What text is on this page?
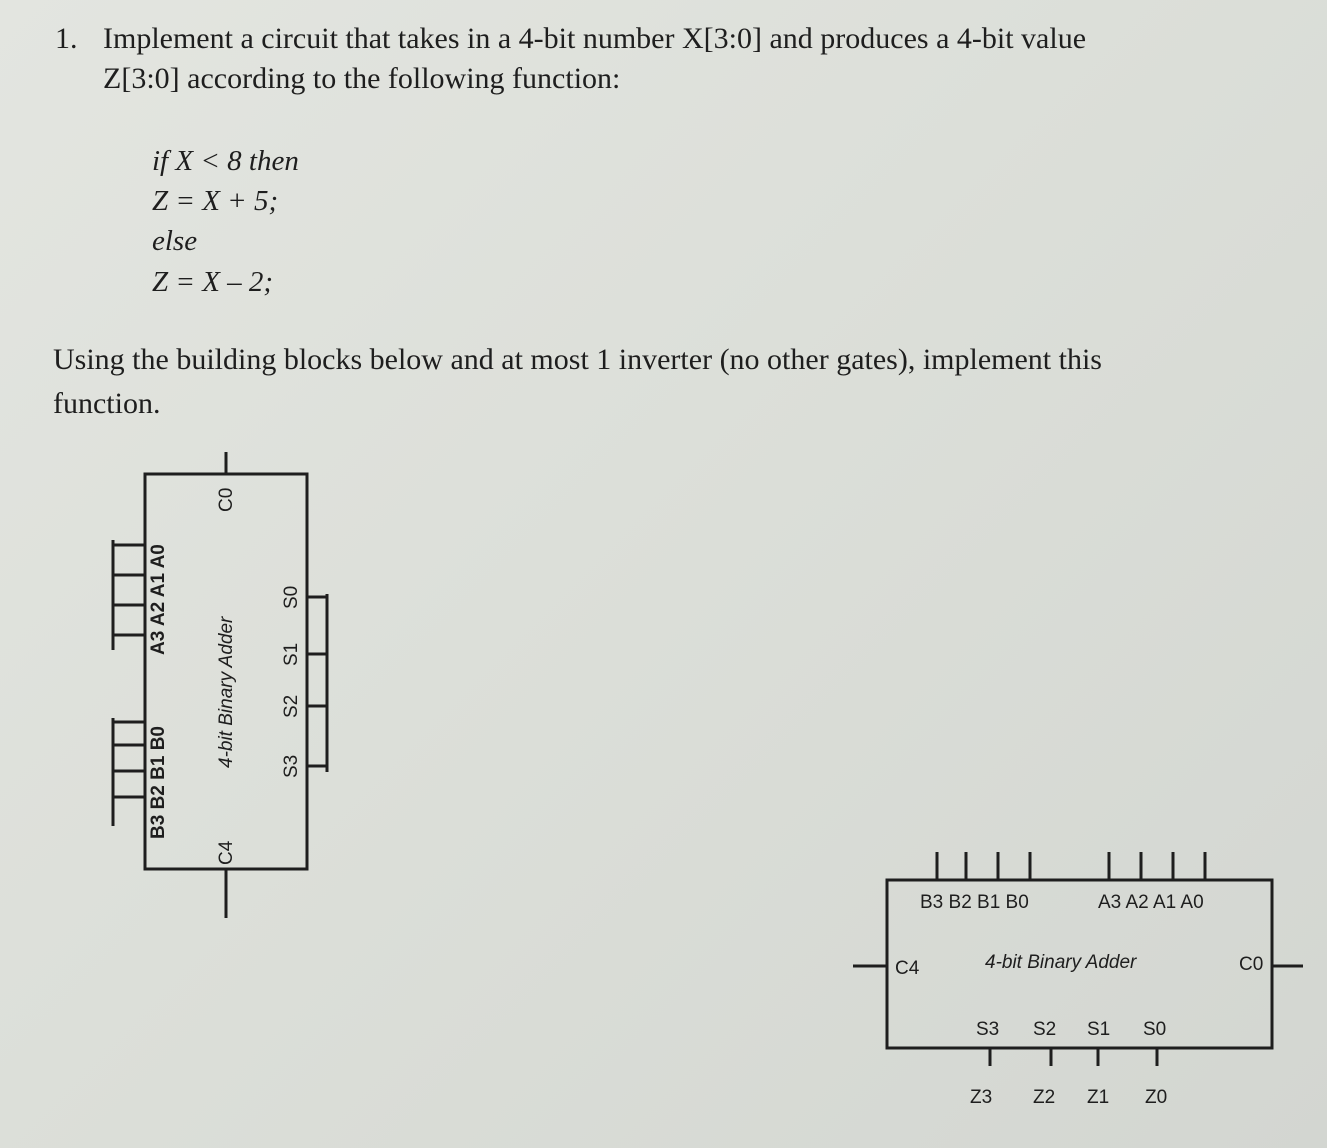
1. Implement a circuit that takes in a 4-bit number X[3:0] and produces a 4-bit value
Z[3:0] according to the following function:
if X < 8 then
Z = X + 5;
else
Z = X – 2;
Using the building blocks below and at most 1 inverter (no other gates), implement this
function.
B3 B2 B1 B0
A3 A2 A1 A0
4-bit Binary Adder
C4
C0
S3
S2
S1
S0
B3 B2 B1 B0	A3 A2 A1 A0
4-bit Binary Adder
C4	C0
S3 S2 S1 S0
Z3 Z2 Z1 Z0
